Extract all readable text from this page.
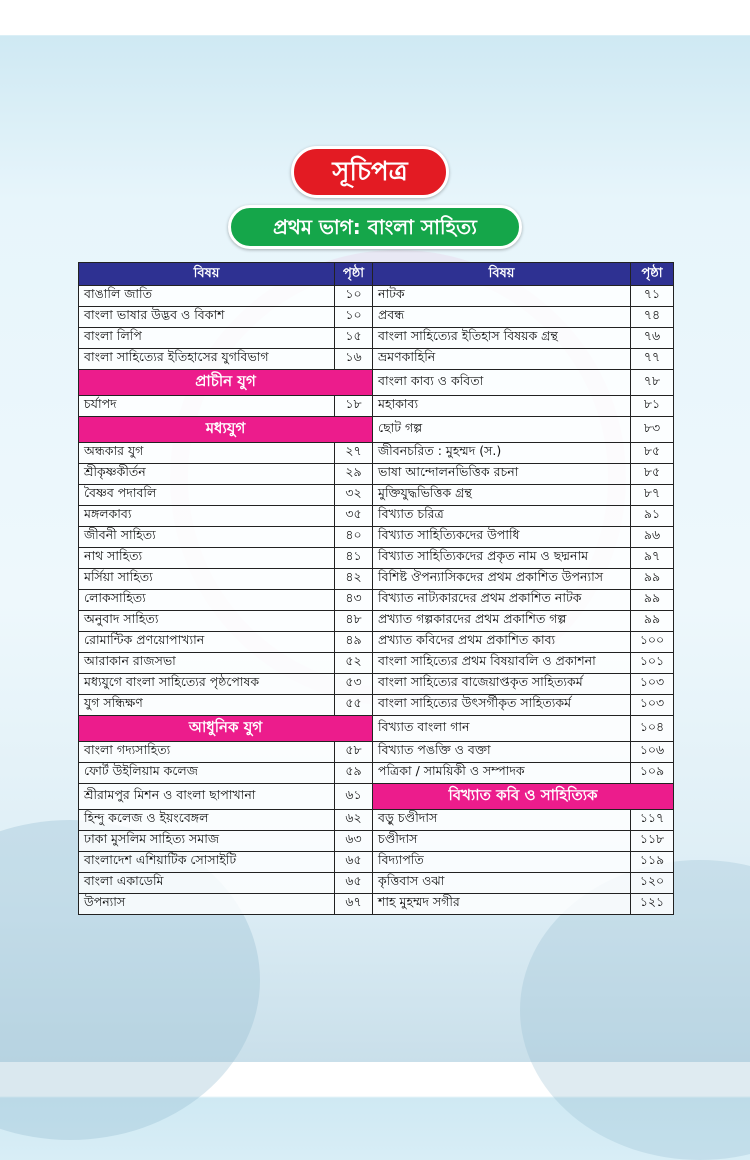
সূচিপত্র
প্রথম ভাগ: বাংলা সাহিত্য
বিষয়	পৃষ্ঠা	বিষয়	পৃষ্ঠা
বাঙালি জাতি	১০	নাটক	৭১
বাংলা ভাষার উদ্ভব ও বিকাশ	১০	প্রবন্ধ	৭৪
বাংলা লিপি	১৫	বাংলা সাহিত্যের ইতিহাস বিষয়ক গ্রন্থ	৭৬
বাংলা সাহিত্যের ইতিহাসের যুগবিভাগ	১৬	ভ্রমণকাহিনি	৭৭
প্রাচীন যুগ		বাংলা কাব্য ও কবিতা	৭৮
চর্যাপদ	১৮	মহাকাব্য	৮১
মধ্যযুগ		ছোট গল্প	৮৩
অন্ধকার যুগ	২৭	জীবনচরিত : মুহম্মদ (স.)	৮৫
শ্রীকৃষ্ণকীর্তন	২৯	ভাষা আন্দোলনভিত্তিক রচনা	৮৫
বৈষ্ণব পদাবলি	৩২	মুক্তিযুদ্ধভিত্তিক গ্রন্থ	৮৭
মঙ্গলকাব্য	৩৫	বিখ্যাত চরিত্র	৯১
জীবনী সাহিত্য	৪০	বিখ্যাত সাহিত্যিকদের উপাধি	৯৬
নাথ সাহিত্য	৪১	বিখ্যাত সাহিত্যিকদের প্রকৃত নাম ও ছদ্মনাম	৯৭
মর্সিয়া সাহিত্য	৪২	বিশিষ্ট ঔপন্যাসিকদের প্রথম প্রকাশিত উপন্যাস	৯৯
লোকসাহিত্য	৪৩	বিখ্যাত নাট্যকারদের প্রথম প্রকাশিত নাটক	৯৯
অনুবাদ সাহিত্য	৪৮	প্রখ্যাত গল্পকারদের প্রথম প্রকাশিত গল্প	৯৯
রোমান্টিক প্রণয়োপাখ্যান	৪৯	প্রখ্যাত কবিদের প্রথম প্রকাশিত কাব্য	১০০
আরাকান রাজসভা	৫২	বাংলা সাহিত্যের প্রথম বিষয়াবলি ও প্রকাশনা	১০১
মধ্যযুগে বাংলা সাহিত্যের পৃষ্ঠপোষক	৫৩	বাংলা সাহিত্যের বাজেয়াপ্তকৃত সাহিত্যকর্ম	১০৩
যুগ সন্ধিক্ষণ	৫৫	বাংলা সাহিত্যের উৎসর্গীকৃত সাহিত্যকর্ম	১০৩
আধুনিক যুগ		বিখ্যাত বাংলা গান	১০৪
বাংলা গদ্যসাহিত্য	৫৮	বিখ্যাত পঙক্তি ও বক্তা	১০৬
ফোর্ট উইলিয়াম কলেজ	৫৯	পত্রিকা / সাময়িকী ও সম্পাদক	১০৯
শ্রীরামপুর মিশন ও বাংলা ছাপাখানা	৬১	বিখ্যাত কবি ও সাহিত্যিক	
হিন্দু কলেজ ও ইয়ংবেঙ্গল	৬২	বড়ু চণ্ডীদাস	১১৭
ঢাকা মুসলিম সাহিত্য সমাজ	৬৩	চণ্ডীদাস	১১৮
বাংলাদেশ এশিয়াটিক সোসাইটি	৬৫	বিদ্যাপতি	১১৯
বাংলা একাডেমি	৬৫	কৃত্তিবাস ওঝা	১২০
উপন্যাস	৬৭	শাহ মুহম্মদ সগীর	১২১
